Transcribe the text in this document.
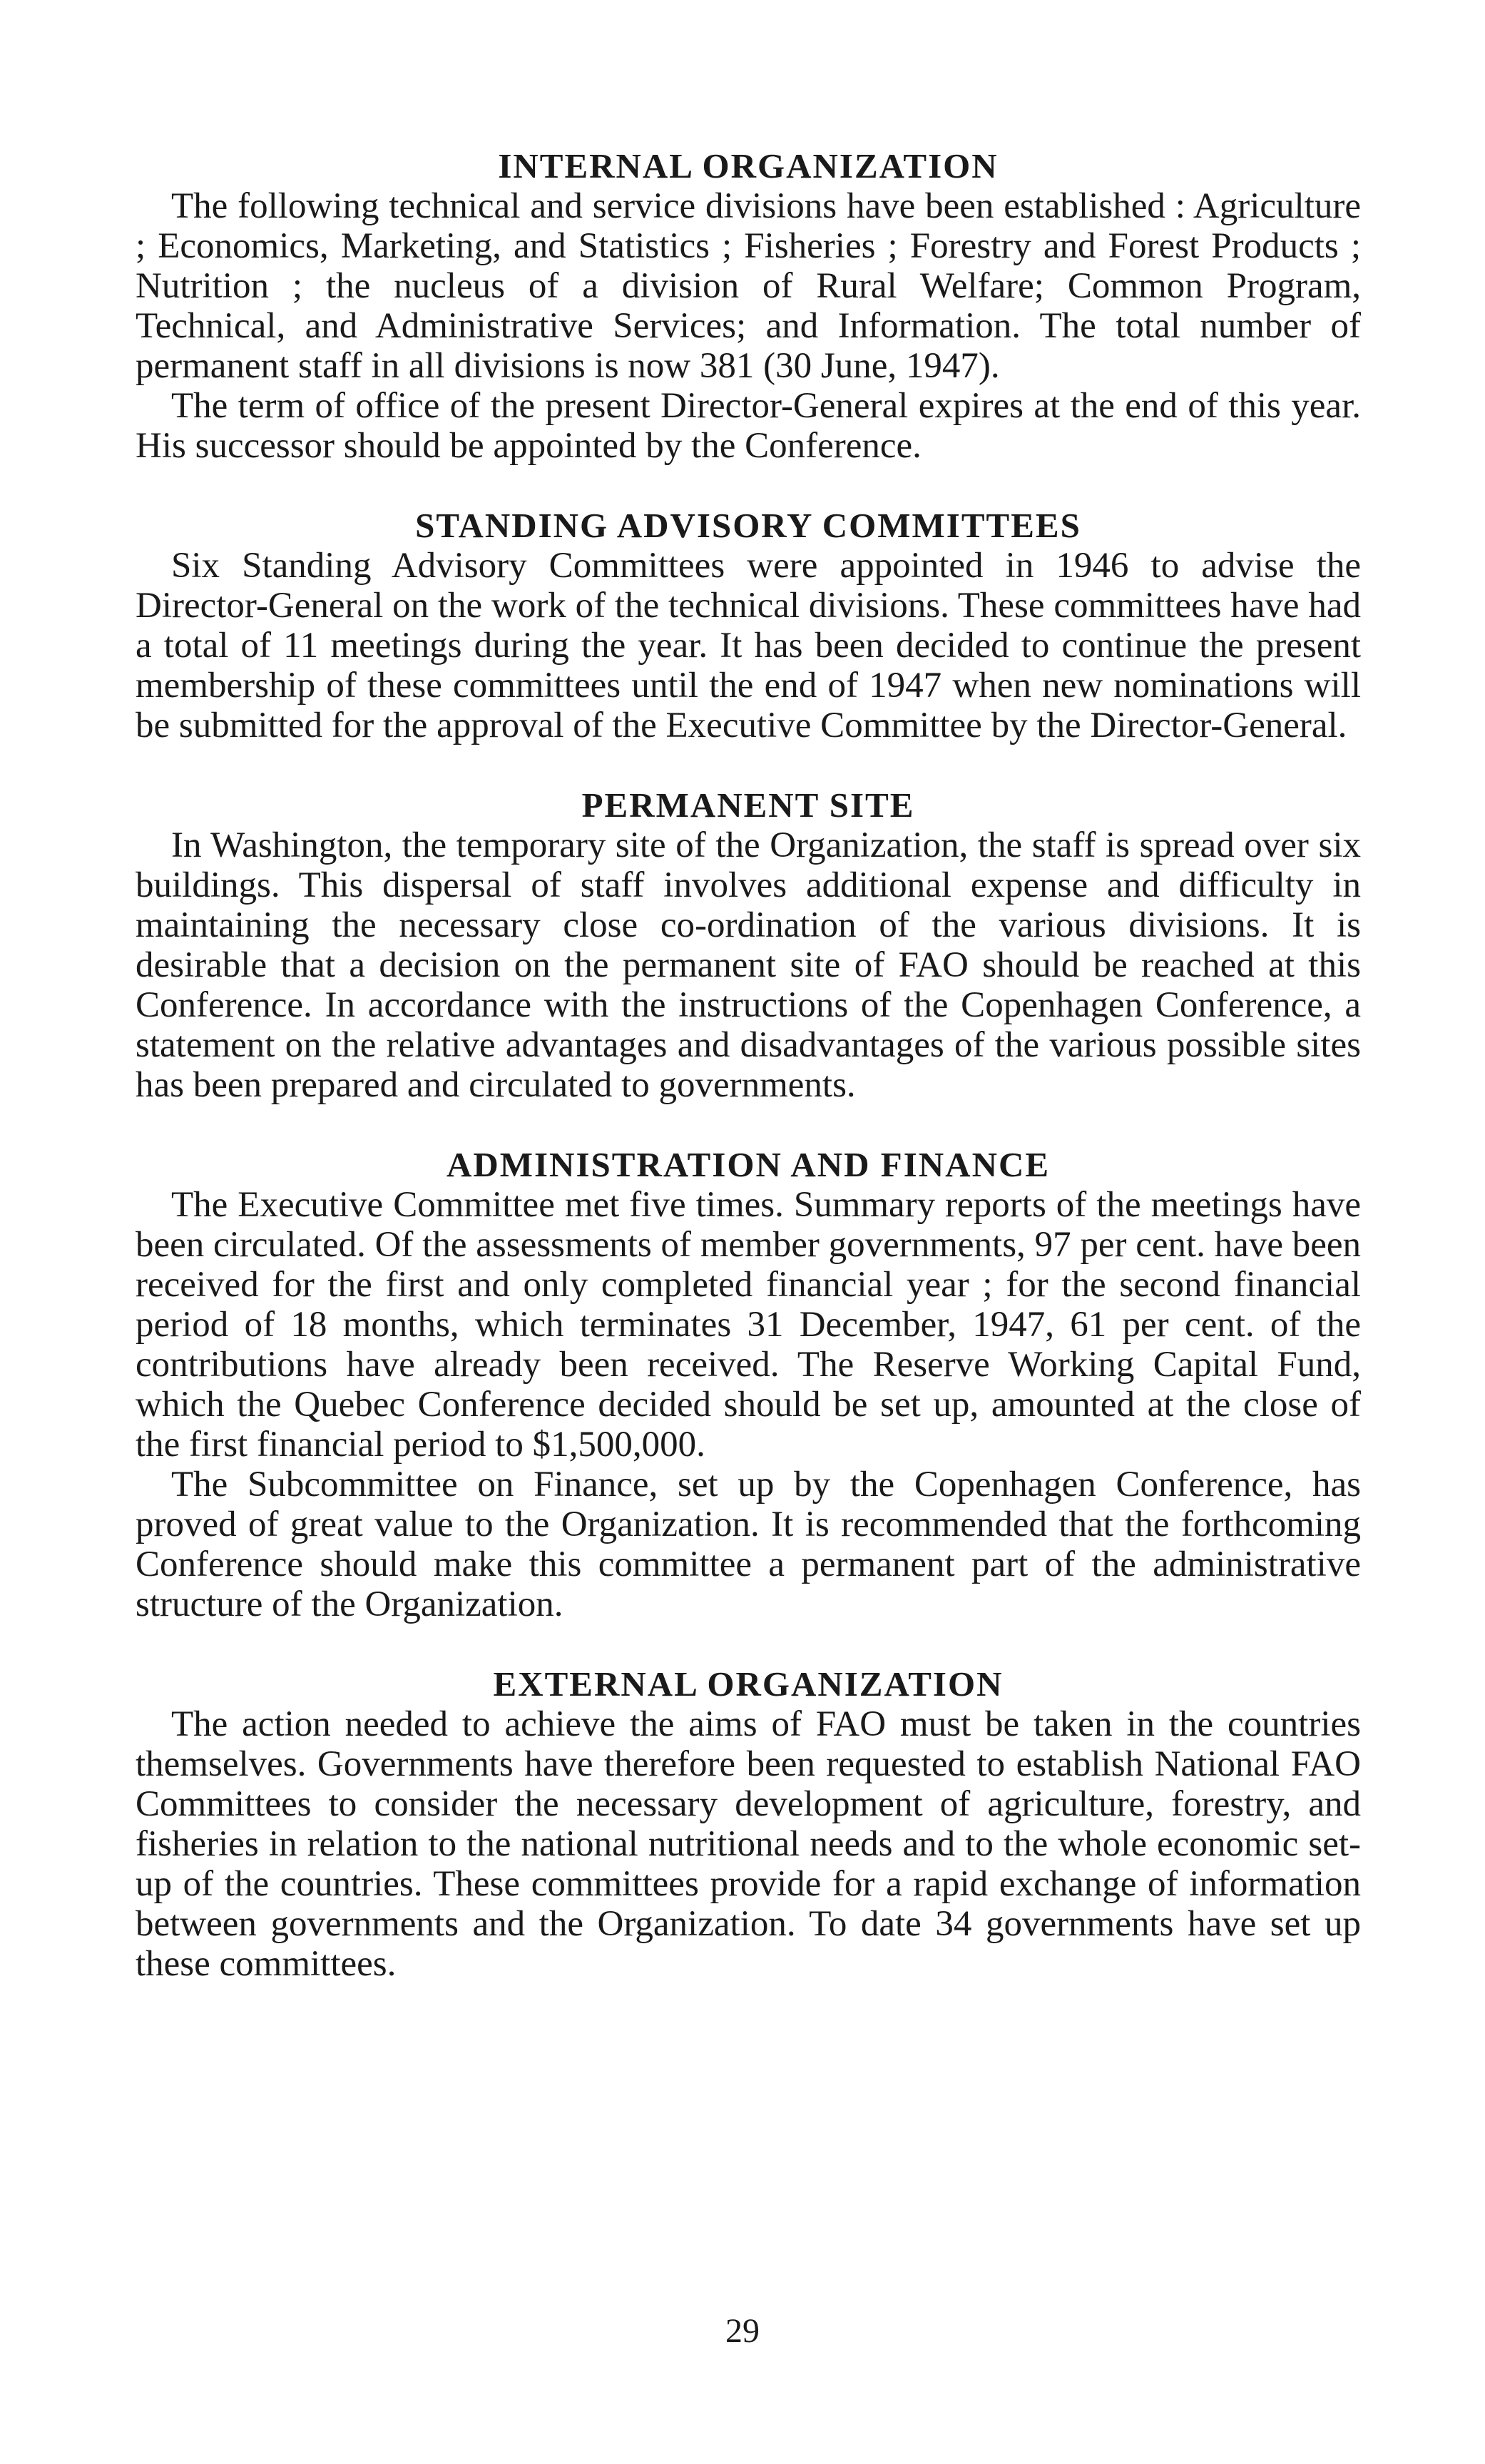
INTERNAL ORGANIZATION

The following technical and service divisions have been established : Agriculture ; Economics, Marketing, and Statistics ; Fisheries ; Forestry and Forest Products ; Nutrition ; the nucleus of a division of Rural Welfare; Common Program, Technical, and Administrative Services; and Information. The total number of permanent staff in all divisions is now 381 (30 June, 1947).

The term of office of the present Director-General expires at the end of this year. His successor should be appointed by the Conference.

STANDING ADVISORY COMMITTEES

Six Standing Advisory Committees were appointed in 1946 to advise the Director-General on the work of the technical divisions. These committees have had a total of 11 meetings during the year. It has been decided to continue the present membership of these committees until the end of 1947 when new nominations will be submitted for the approval of the Executive Committee by the Director-General.

PERMANENT SITE

In Washington, the temporary site of the Organization, the staff is spread over six buildings. This dispersal of staff involves additional expense and difficulty in maintaining the necessary close co-ordination of the various divisions. It is desirable that a decision on the permanent site of FAO should be reached at this Conference. In accordance with the instructions of the Copenhagen Conference, a statement on the relative advantages and disadvantages of the various possible sites has been prepared and circulated to governments.

ADMINISTRATION AND FINANCE

The Executive Committee met five times. Summary reports of the meetings have been circulated. Of the assessments of member governments, 97 per cent. have been received for the first and only completed financial year ; for the second financial period of 18 months, which terminates 31 December, 1947, 61 per cent. of the contributions have already been received. The Reserve Working Capital Fund, which the Quebec Conference decided should be set up, amounted at the close of the first financial period to $1,500,000.

The Subcommittee on Finance, set up by the Copenhagen Conference, has proved of great value to the Organization. It is recommended that the forthcoming Conference should make this committee a permanent part of the administrative structure of the Organization.

EXTERNAL ORGANIZATION

The action needed to achieve the aims of FAO must be taken in the countries themselves. Governments have therefore been requested to establish National FAO Committees to consider the necessary development of agriculture, forestry, and fisheries in relation to the national nutritional needs and to the whole economic set-up of the countries. These committees provide for a rapid exchange of information between governments and the Organization. To date 34 governments have set up these committees.

29
